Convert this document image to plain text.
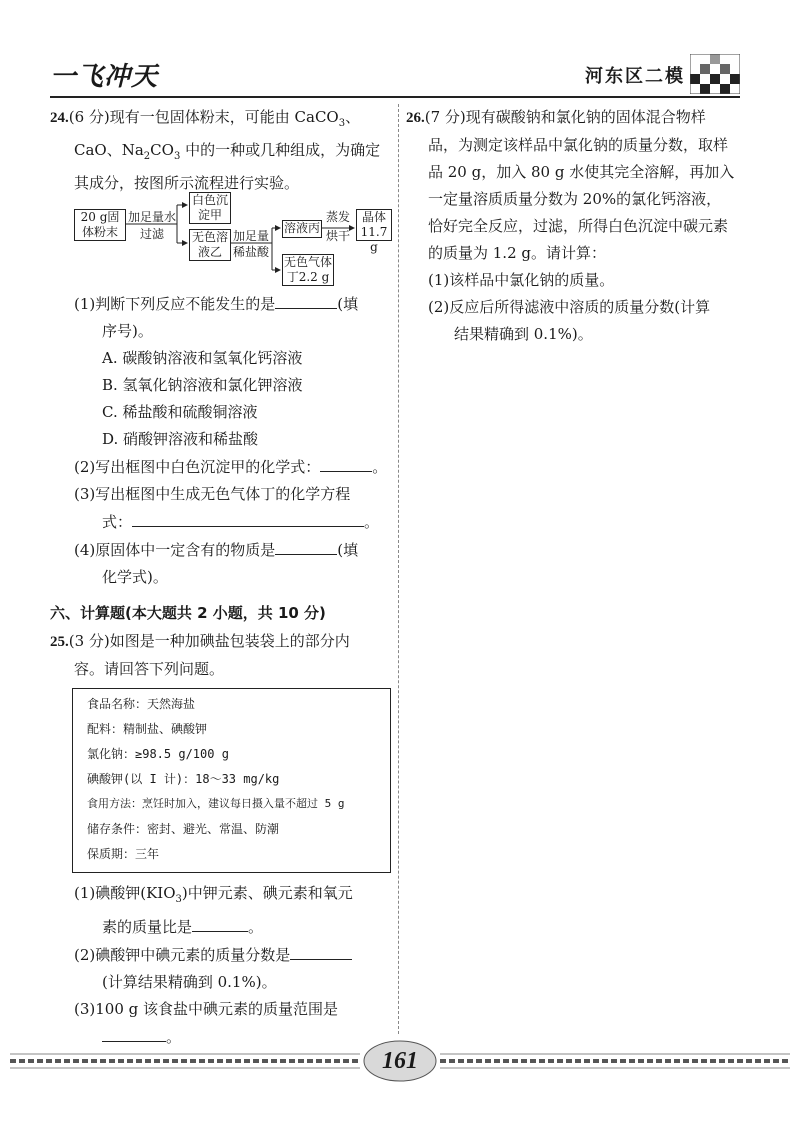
一飞冲天	河东区二模
24.(6 分)现有一包固体粉末，可能由 CaCO$_3$、
CaO、$Na_2CO_3$ 中的一种或几种组成，为确定
其成分，按图所示流程进行实验。
20 g固体粉末
加足量水
过滤
白色沉淀甲
无色溶液乙
加足量
稀盐酸
溶液丙
蒸发
烘干
晶体11.7 g
无色气体丁2.2 g
(1)判断下列反应不能发生的是	(填
序号)。
A. 碳酸钠溶液和氢氧化钙溶液
B. 氢氧化钠溶液和氯化钾溶液
C. 稀盐酸和硫酸铜溶液
D. 硝酸钾溶液和稀盐酸
(2)写出框图中白色沉淀甲的化学式：	。
(3)写出框图中生成无色气体丁的化学方程
式：	。
(4)原固体中一定含有的物质是	(填
化学式)。
六、计算题(本大题共 2 小题，共 10 分)
25.(3 分)如图是一种加碘盐包装袋上的部分内
容。请回答下列问题。
食品名称：天然海盐
配料：精制盐、碘酸钾
氯化钠：≥98.5 g/100 g
碘酸钾(以 I 计)：18～33 mg/kg
食用方法：烹饪时加入，建议每日摄入量不超过 5 g
储存条件：密封、避光、常温、防潮
保质期：三年
(1)碘酸钾$(KIO_3)$中钾元素、碘元素和氧元
素的质量比是	。
(2)碘酸钾中碘元素的质量分数是
(计算结果精确到 0.1%)。
(3)100 g 该食盐中碘元素的质量范围是
。
26.(7 分)现有碳酸钠和氯化钠的固体混合物样
品，为测定该样品中氯化钠的质量分数，取样
品 20 g，加入 80 g 水使其完全溶解，再加入
一定量溶质质量分数为 20%的氯化钙溶液，
恰好完全反应，过滤，所得白色沉淀中碳元素
的质量为 1.2 g。请计算：
(1)该样品中氯化钠的质量。
(2)反应后所得滤液中溶质的质量分数(计算
结果精确到 0.1%)。
161
